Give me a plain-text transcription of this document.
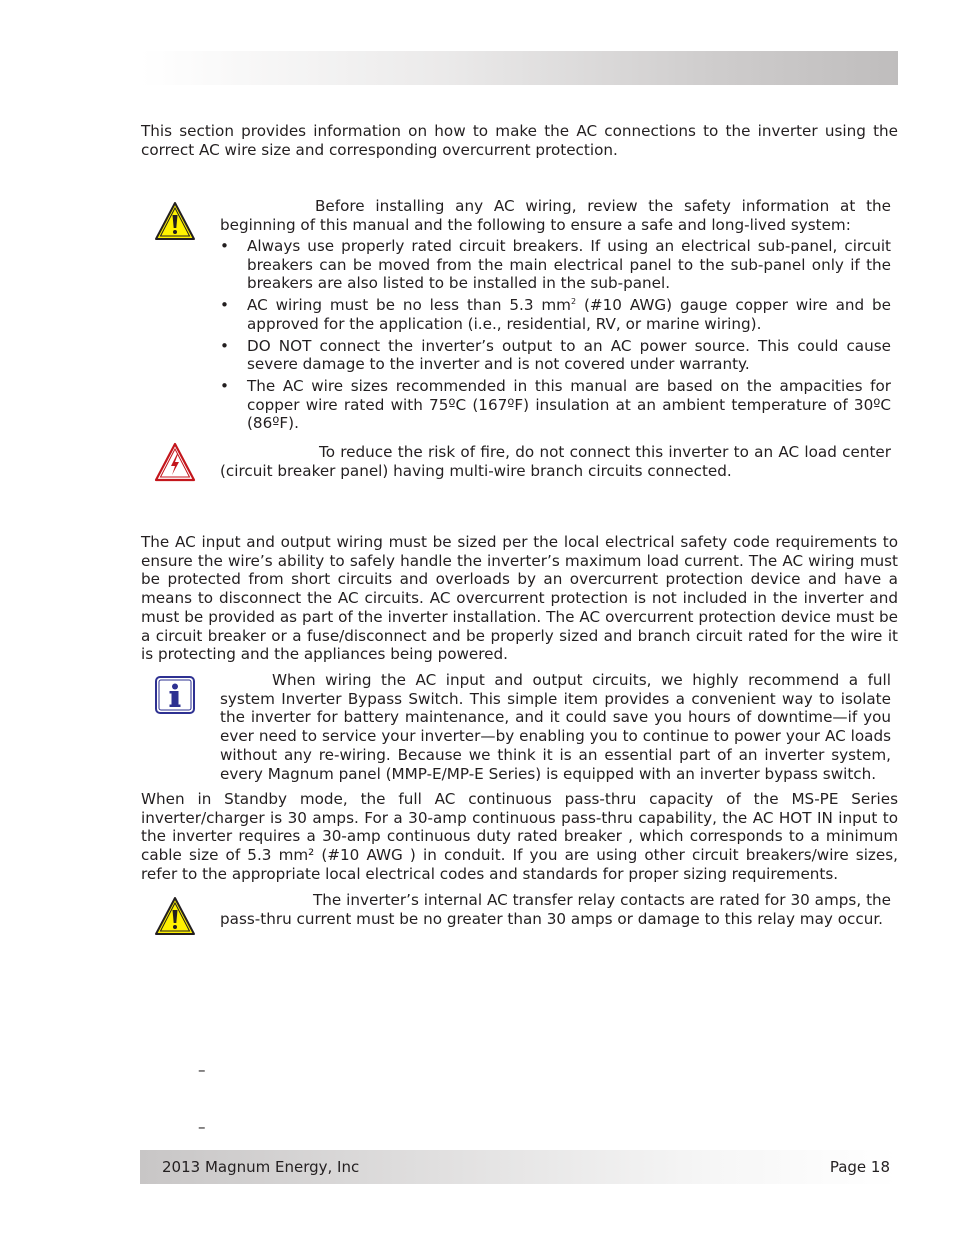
This section provides information on how to make the AC connections to the inverter using the correct AC wire size and corresponding overcurrent protection.

Before installing any AC wiring, review the safety information at the beginning of this manual and the following to ensure a safe and long-lived system:

• Always use properly rated circuit breakers. If using an electrical sub-panel, circuit breakers can be moved from the main electrical panel to the sub-panel only if the breakers are also listed to be installed in the sub-panel.
• AC wiring must be no less than 5.3 $mm^2$ (#10 AWG) gauge copper wire and be approved for the application (i.e., residential, RV, or marine wiring).
• DO NOT connect the inverter’s output to an AC power source. This could cause severe damage to the inverter and is not covered under warranty.
• The AC wire sizes recommended in this manual are based on the ampacities for copper wire rated with 75ºC (167ºF) insulation at an ambient temperature of 30ºC (86ºF).

To reduce the risk of fire, do not connect this inverter to an AC load center (circuit breaker panel) having multi-wire branch circuits connected.

The AC input and output wiring must be sized per the local electrical safety code requirements to ensure the wire’s ability to safely handle the inverter’s maximum load current. The AC wiring must be protected from short circuits and overloads by an overcurrent protection device and have a means to disconnect the AC circuits. AC overcurrent protection is not included in the inverter and must be provided as part of the inverter installation. The AC overcurrent protection device must be a circuit breaker or a fuse/disconnect and be properly sized and branch circuit rated for the wire it is protecting and the appliances being powered.

When wiring the AC input and output circuits, we highly recommend a full system Inverter Bypass Switch. This simple item provides a convenient way to isolate the inverter for battery maintenance, and it could save you hours of downtime—if you ever need to service your inverter—by enabling you to continue to power your AC loads without any re-wiring. Because we think it is an essential part of an inverter system, every Magnum panel (MMP-E/MP-E Series) is equipped with an inverter bypass switch.

When in Standby mode, the full AC continuous pass-thru capacity of the MS-PE Series inverter/charger is 30 amps. For a 30-amp continuous pass-thru capability, the AC HOT IN input to the inverter requires a 30-amp continuous duty rated breaker , which corresponds to a minimum cable size of 5.3 mm² (#10 AWG ) in conduit. If you are using other circuit breakers/wire sizes, refer to the appropriate local electrical codes and standards for proper sizing requirements.

The inverter’s internal AC transfer relay contacts are rated for 30 amps, the pass-thru current must be no greater than 30 amps or damage to this relay may occur.

–
–
2013 Magnum Energy, Inc	Page 18
